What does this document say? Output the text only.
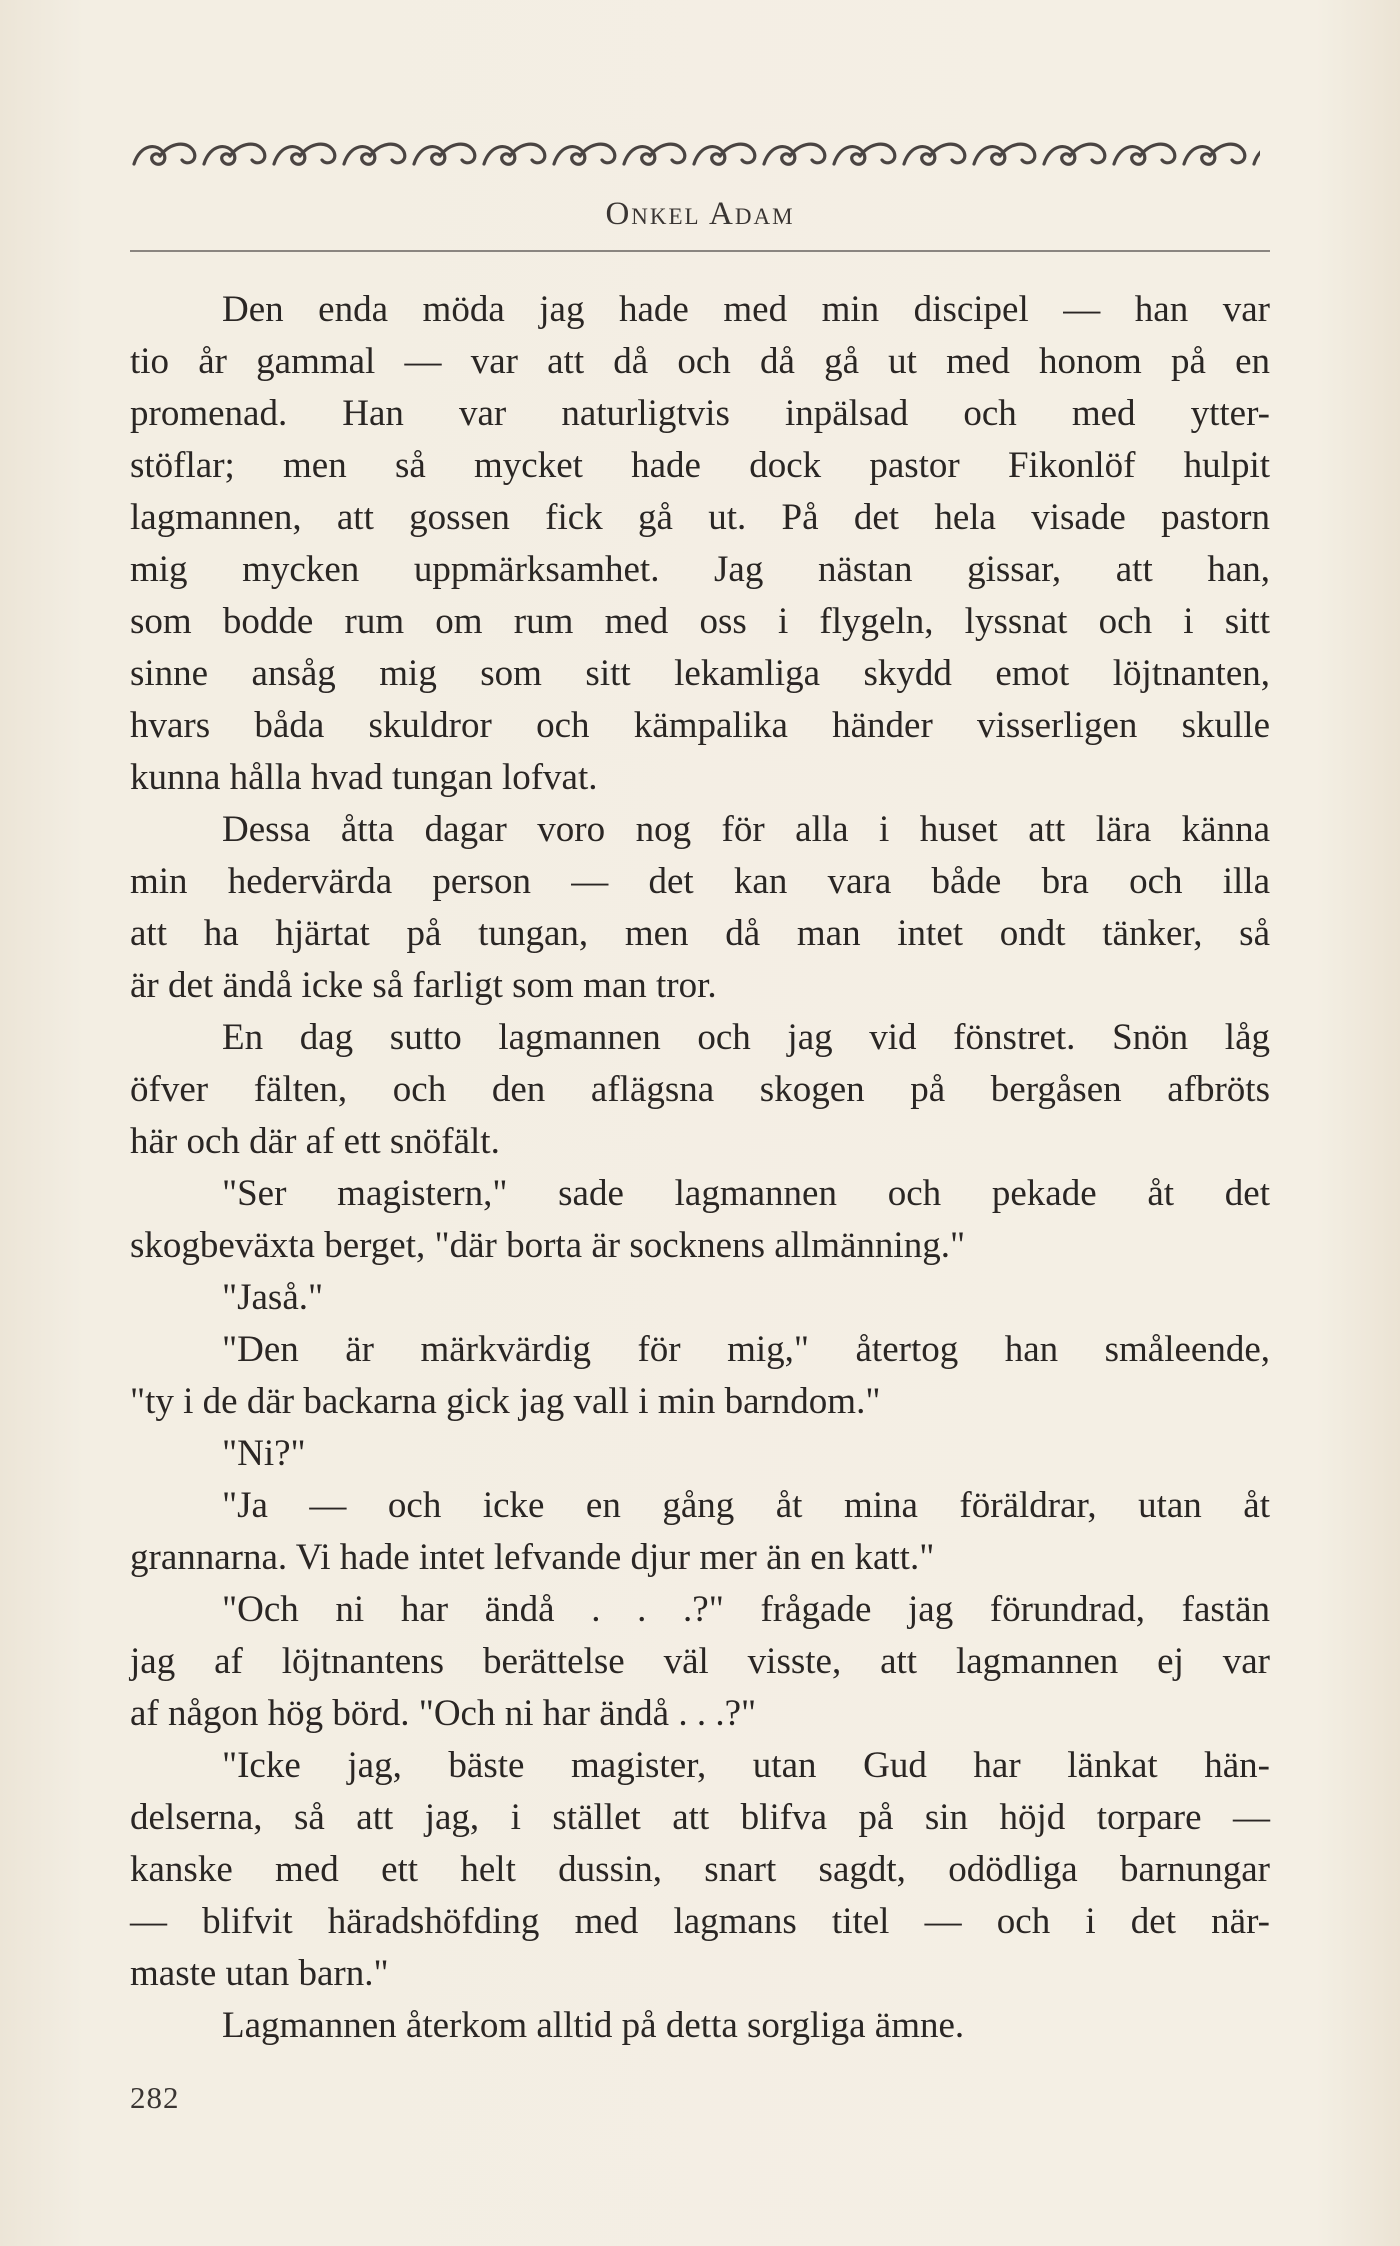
Onkel Adam
Den enda möda jag hade med min discipel — han var
tio år gammal — var att då och då gå ut med honom på en
promenad. Han var naturligtvis inpälsad och med ytter-
stöflar; men så mycket hade dock pastor Fikonlöf hulpit
lagmannen, att gossen fick gå ut. På det hela visade pastorn
mig mycken uppmärksamhet. Jag nästan gissar, att han,
som bodde rum om rum med oss i flygeln, lyssnat och i sitt
sinne ansåg mig som sitt lekamliga skydd emot löjtnanten,
hvars båda skuldror och kämpalika händer visserligen skulle
kunna hålla hvad tungan lofvat.
Dessa åtta dagar voro nog för alla i huset att lära känna
min hedervärda person — det kan vara både bra och illa
att ha hjärtat på tungan, men då man intet ondt tänker, så
är det ändå icke så farligt som man tror.
En dag sutto lagmannen och jag vid fönstret. Snön låg
öfver fälten, och den aflägsna skogen på bergåsen afbröts
här och där af ett snöfält.
"Ser magistern," sade lagmannen och pekade åt det
skogbeväxta berget, "där borta är socknens allmänning."
"Jaså."
"Den är märkvärdig för mig," återtog han småleende,
"ty i de där backarna gick jag vall i min barndom."
"Ni?"
"Ja — och icke en gång åt mina föräldrar, utan åt
grannarna. Vi hade intet lefvande djur mer än en katt."
"Och ni har ändå . . .?" frågade jag förundrad, fastän
jag af löjtnantens berättelse väl visste, att lagmannen ej var
af någon hög börd. "Och ni har ändå . . .?"
"Icke jag, bäste magister, utan Gud har länkat hän-
delserna, så att jag, i stället att blifva på sin höjd torpare —
kanske med ett helt dussin, snart sagdt, odödliga barnungar
— blifvit häradshöfding med lagmans titel — och i det när-
maste utan barn."
Lagmannen återkom alltid på detta sorgliga ämne.
282
